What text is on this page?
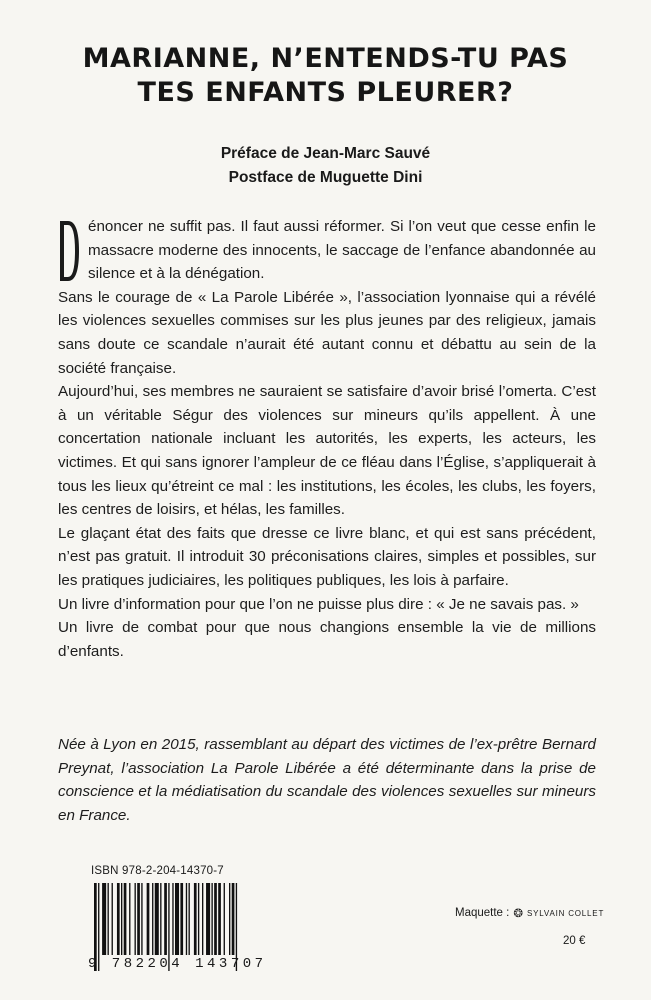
MARIANNE, N’ENTENDS-TU PAS
TES ENFANTS PLEURER?
Préface de Jean-Marc Sauvé
Postface de Muguette Dini

énoncer ne suffit pas. Il faut aussi réformer. Si l’on veut que cesse enfin le massacre moderne des innocents, le saccage de l’enfance abandonnée au silence et à la dénégation.

Sans le courage de « La Parole Libérée », l’association lyonnaise qui a révélé les violences sexuelles commises sur les plus jeunes par des religieux, jamais sans doute ce scandale n’aurait été autant connu et débattu au sein de la société française.

Aujourd’hui, ses membres ne sauraient se satisfaire d’avoir brisé l’omerta. C’est à un véritable Ségur des violences sur mineurs qu’ils appellent. À une concertation nationale incluant les autorités, les experts, les acteurs, les victimes. Et qui sans ignorer l’ampleur de ce fléau dans l’Église, s’appliquerait à tous les lieux qu’étreint ce mal : les institutions, les écoles, les clubs, les foyers, les centres de loisirs, et hélas, les familles.

Le glaçant état des faits que dresse ce livre blanc, et qui est sans précédent, n’est pas gratuit. Il introduit 30 préconisations claires, simples et possibles, sur les pratiques judiciaires, les politiques publiques, les lois à parfaire.

Un livre d’information pour que l’on ne puisse plus dire : « Je ne savais pas. »

Un livre de combat pour que nous changions ensemble la vie de millions d’enfants.

Née à Lyon en 2015, rassemblant au départ des victimes de l’ex-prêtre Bernard Preynat, l’association La Parole Libérée a été déterminante dans la prise de conscience et la médiatisation du scandale des violences sexuelles sur mineurs en France.

ISBN 978-2-204-14370-7
9 782204 143707
Maquette : ❂ SYLVAIN COLLET
20 €
